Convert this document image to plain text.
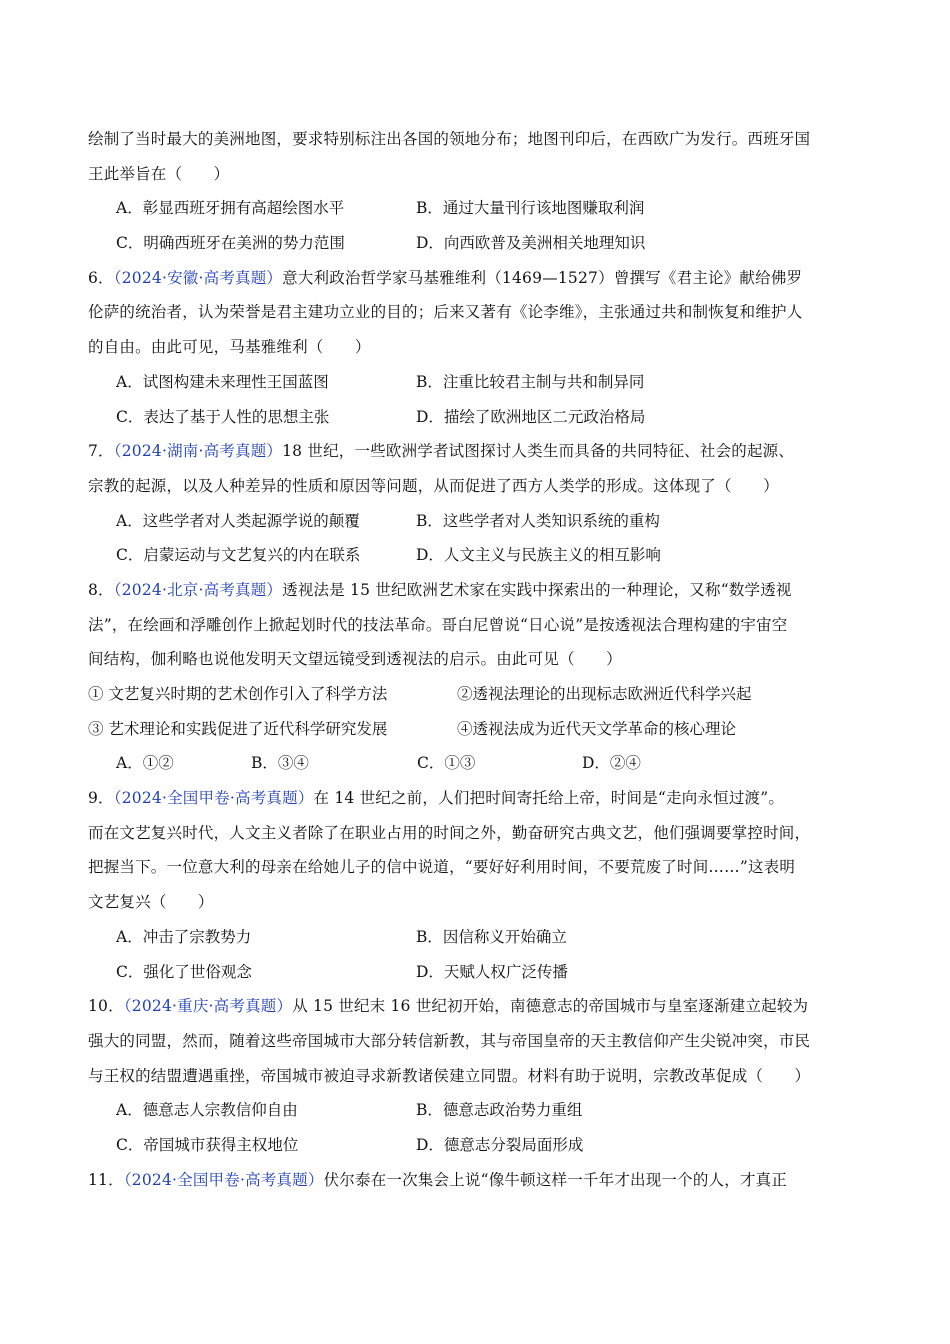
绘制了当时最大的美洲地图，要求特别标注出各国的领地分布；地图刊印后，在西欧广为发行。西班牙国
王此举旨在（　　）
A．彰显西班牙拥有高超绘图水平	B．通过大量刊行该地图赚取利润
C．明确西班牙在美洲的势力范围	D．向西欧普及美洲相关地理知识
6．（2024·安徽·高考真题）意大利政治哲学家马基雅维利（1469—1527）曾撰写《君主论》献给佛罗
伦萨的统治者，认为荣誉是君主建功立业的目的；后来又著有《论李维》，主张通过共和制恢复和维护人
的自由。由此可见，马基雅维利（　　）
A．试图构建未来理性王国蓝图	B．注重比较君主制与共和制异同
C．表达了基于人性的思想主张	D．描绘了欧洲地区二元政治格局
7．（2024·湖南·高考真题）18 世纪，一些欧洲学者试图探讨人类生而具备的共同特征、社会的起源、
宗教的起源，以及人种差异的性质和原因等问题，从而促进了西方人类学的形成。这体现了（　　）
A．这些学者对人类起源学说的颠覆	B．这些学者对人类知识系统的重构
C．启蒙运动与文艺复兴的内在联系	D．人文主义与民族主义的相互影响
8．（2024·北京·高考真题）透视法是 15 世纪欧洲艺术家在实践中探索出的一种理论，又称“数学透视
法”，在绘画和浮雕创作上掀起划时代的技法革命。哥白尼曾说“日心说”是按透视法合理构建的宇宙空
间结构，伽利略也说他发明天文望远镜受到透视法的启示。由此可见（　　）
① 文艺复兴时期的艺术创作引入了科学方法	②透视法理论的出现标志欧洲近代科学兴起
③ 艺术理论和实践促进了近代科学研究发展	④透视法成为近代天文学革命的核心理论
A．①②	B．③④	C．①③	D．②④
9．（2024·全国甲卷·高考真题）在 14 世纪之前，人们把时间寄托给上帝，时间是“走向永恒过渡”。
而在文艺复兴时代，人文主义者除了在职业占用的时间之外，勤奋研究古典文艺，他们强调要掌控时间，
把握当下。一位意大利的母亲在给她儿子的信中说道，“要好好利用时间，不要荒废了时间……”这表明
文艺复兴（　　）
A．冲击了宗教势力	B．因信称义开始确立
C．强化了世俗观念	D．天赋人权广泛传播
10．（2024·重庆·高考真题）从 15 世纪末 16 世纪初开始，南德意志的帝国城市与皇室逐渐建立起较为
强大的同盟，然而，随着这些帝国城市大部分转信新教，其与帝国皇帝的天主教信仰产生尖锐冲突，市民
与王权的结盟遭遇重挫，帝国城市被迫寻求新教诸侯建立同盟。材料有助于说明，宗教改革促成（　　）
A．德意志人宗教信仰自由	B．德意志政治势力重组
C．帝国城市获得主权地位	D．德意志分裂局面形成
11．（2024·全国甲卷·高考真题）伏尔泰在一次集会上说“像牛顿这样一千年才出现一个的人，才真正
